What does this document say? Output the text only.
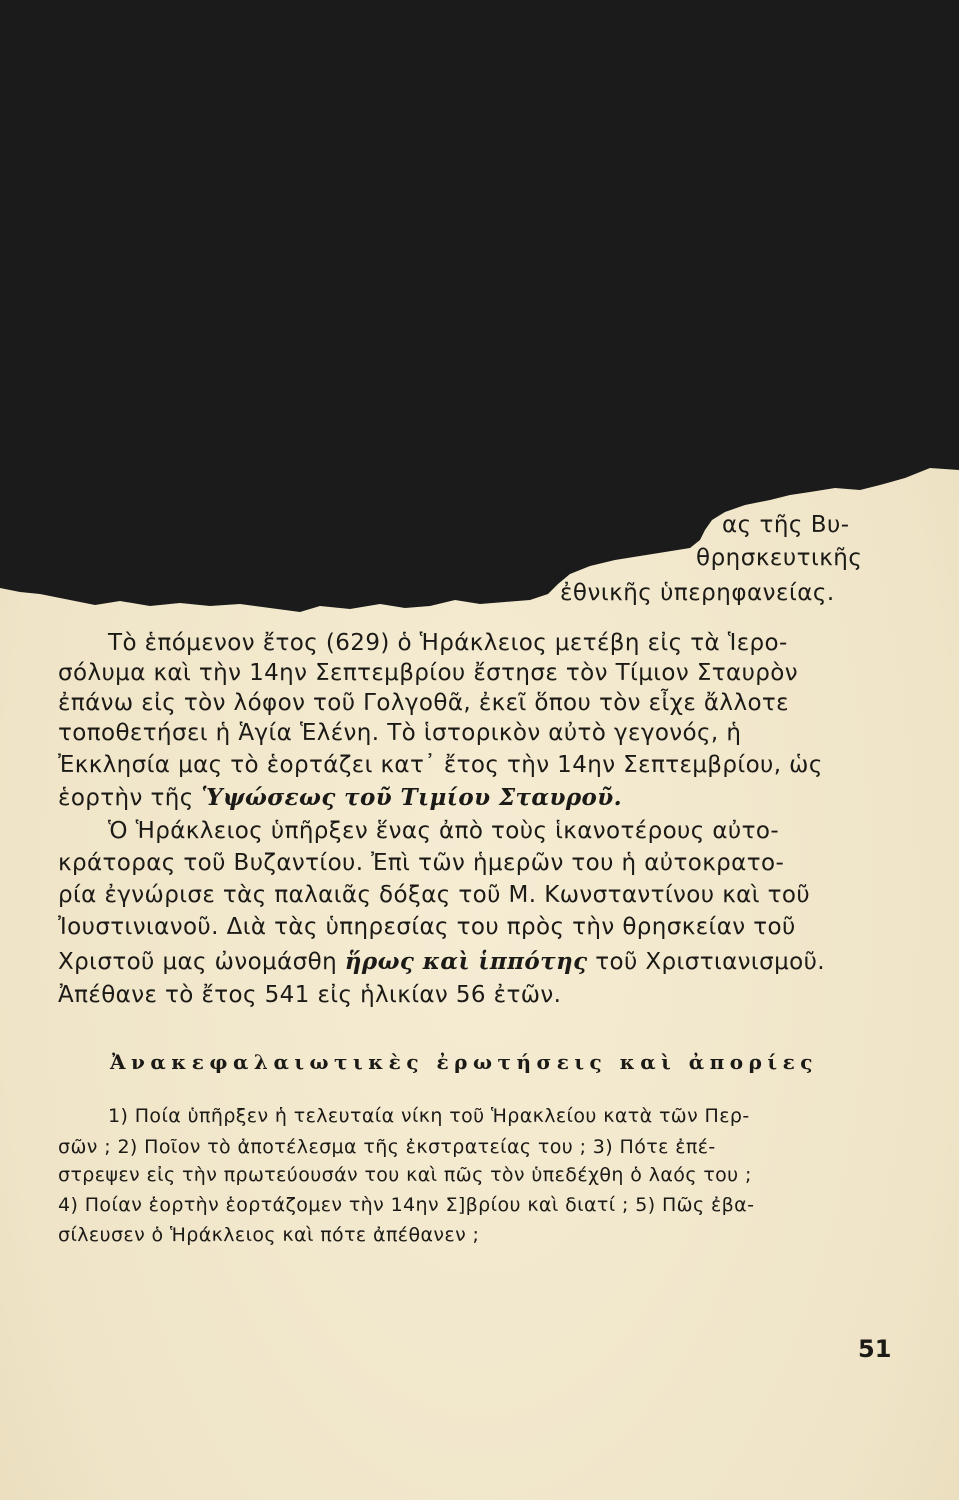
ας τῆς Βυ-
θρησκευτικῆς
ἐθνικῆς ὑπερηφανείας.
Τὸ ἑπόμενον ἔτος (629) ὁ Ἡράκλειος μετέβη εἰς τὰ Ἱερο-
σόλυμα καὶ τὴν 14ην Σεπτεμβρίου ἔστησε τὸν Τίμιον Σταυρὸν
ἐπάνω εἰς τὸν λόφον τοῦ Γολγοθᾶ, ἐκεῖ ὅπου τὸν εἶχε ἄλλοτε
τοποθετήσει ἡ Ἁγία Ἑλένη. Τὸ ἱστορικὸν αὐτὸ γεγονός, ἡ
Ἐκκλησία μας τὸ ἑορτάζει κατ᾽ ἔτος τὴν 14ην Σεπτεμβρίου, ὡς
ἑορτὴν τῆς Ὑψώσεως τοῦ Τιμίου Σταυροῦ.
Ὁ Ἡράκλειος ὑπῆρξεν ἕνας ἀπὸ τοὺς ἱκανοτέρους αὐτο-
κράτορας τοῦ Βυζαντίου. Ἐπὶ τῶν ἡμερῶν του ἡ αὐτοκρατο-
ρία ἐγνώρισε τὰς παλαιᾶς δόξας τοῦ Μ. Κωνσταντίνου καὶ τοῦ
Ἰουστινιανοῦ. Διὰ τὰς ὑπηρεσίας του πρὸς τὴν θρησκείαν τοῦ
Χριστοῦ μας ὠνομάσθη ἥρως καὶ ἱππότης τοῦ Χριστιανισμοῦ.
Ἀπέθανε τὸ ἔτος 541 εἰς ἡλικίαν 56 ἐτῶν.
Ἀνακεφαλαιωτικὲς ἐρωτήσεις καὶ ἀπορίες
1) Ποία ὑπῆρξεν ἡ τελευταία νίκη τοῦ Ἡρακλείου κατὰ τῶν Περ-
σῶν ; 2) Ποῖον τὸ ἀποτέλεσμα τῆς ἐκστρατείας του ; 3) Πότε ἐπέ-
στρεψεν εἰς τὴν πρωτεύουσάν του καὶ πῶς τὸν ὑπεδέχθη ὁ λαός του ;
4) Ποίαν ἑορτὴν ἑορτάζομεν τὴν 14ην Σ]βρίου καὶ διατί ; 5) Πῶς ἐβα-
σίλευσεν ὁ Ἡράκλειος καὶ πότε ἀπέθανεν ;
51
